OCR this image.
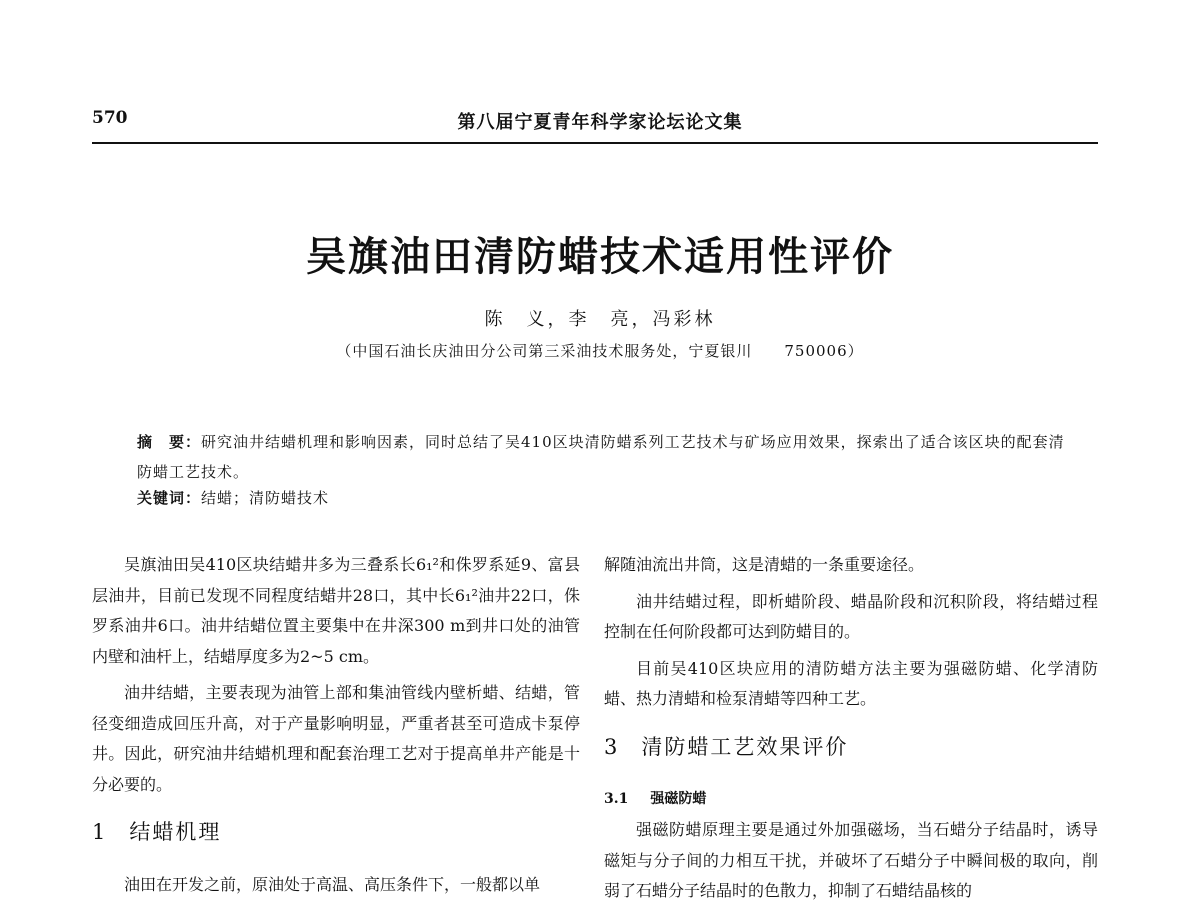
570	第八届宁夏青年科学家论坛论文集
吴旗油田清防蜡技术适用性评价
陈　义，李　亮，冯彩林
（中国石油长庆油田分公司第三采油技术服务处，宁夏银川　　750006）
摘　要：研究油井结蜡机理和影响因素，同时总结了吴410区块清防蜡系列工艺技术与矿场应用效果，探索出了适合该区块的配套清防蜡工艺技术。
关键词：结蜡；清防蜡技术

吴旗油田吴410区块结蜡井多为三叠系长6₁²和侏罗系延9、富县层油井，目前已发现不同程度结蜡井28口，其中长6₁²油井22口，侏罗系油井6口。油井结蜡位置主要集中在井深300 m到井口处的油管内壁和油杆上，结蜡厚度多为2~5 cm。

油井结蜡，主要表现为油管上部和集油管线内壁析蜡、结蜡，管径变细造成回压升高，对于产量影响明显，严重者甚至可造成卡泵停井。因此，研究油井结蜡机理和配套治理工艺对于提高单井产能是十分必要的。

1 结蜡机理

油田在开发之前，原油处于高温、高压条件下，一般都以单

解随油流出井筒，这是清蜡的一条重要途径。

油井结蜡过程，即析蜡阶段、蜡晶阶段和沉积阶段，将结蜡过程控制在任何阶段都可达到防蜡目的。

目前吴410区块应用的清防蜡方法主要为强磁防蜡、化学清防蜡、热力清蜡和检泵清蜡等四种工艺。

3 清防蜡工艺效果评价
3.1 强磁防蜡

强磁防蜡原理主要是通过外加强磁场，当石蜡分子结晶时，诱导磁矩与分子间的力相互干扰，并破坏了石蜡分子中瞬间极的取向，削弱了石蜡分子结晶时的色散力，抑制了石蜡结晶核的
